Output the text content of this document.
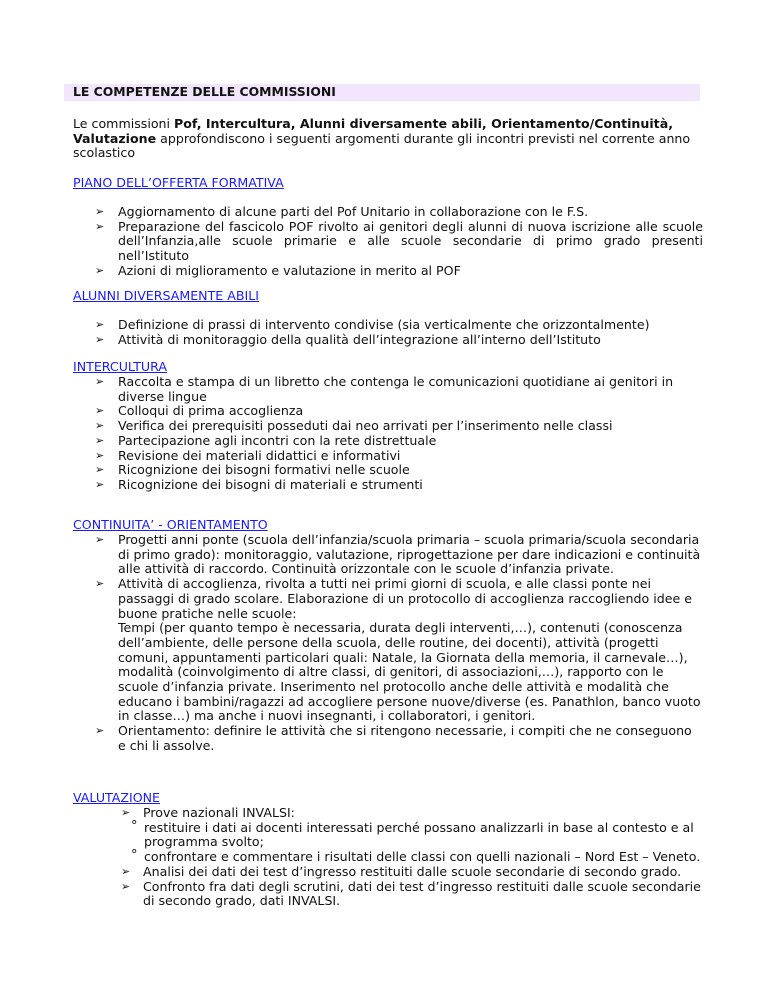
LE COMPETENZE DELLE COMMISSIONI
Le commissioni Pof, Intercultura, Alunni diversamente abili, Orientamento/Continuità, Valutazione approfondiscono i seguenti argomenti durante gli incontri previsti nel corrente anno scolastico
PIANO DELL’OFFERTA FORMATIVA
➢ Aggiornamento di alcune parti del Pof Unitario in collaborazione con le F.S.
➢ Preparazione del fascicolo POF rivolto ai genitori degli alunni di nuova iscrizione alle scuole dell’Infanzia,alle scuole primarie e alle scuole secondarie di primo grado presenti nell’Istituto
➢ Azioni di miglioramento e valutazione in merito al POF
ALUNNI DIVERSAMENTE ABILI
➢ Definizione di prassi di intervento condivise (sia verticalmente che orizzontalmente)
➢ Attività di monitoraggio della qualità dell’integrazione all’interno dell’Istituto
INTERCULTURA
➢ Raccolta e stampa di un libretto che contenga le comunicazioni quotidiane ai genitori in diverse lingue
➢ Colloqui di prima accoglienza
➢ Verifica dei prerequisiti posseduti dai neo arrivati per l’inserimento nelle classi
➢ Partecipazione agli incontri con la rete distrettuale
➢ Revisione dei materiali didattici e informativi
➢ Ricognizione dei bisogni formativi nelle scuole
➢ Ricognizione dei bisogni di materiali e strumenti
CONTINUITA’ - ORIENTAMENTO
➢ Progetti anni ponte (scuola dell’infanzia/scuola primaria – scuola primaria/scuola secondaria di primo grado): monitoraggio, valutazione, riprogettazione per dare indicazioni e continuità alle attività di raccordo. Continuità orizzontale con le scuole d’infanzia private.
➢ Attività di accoglienza, rivolta a tutti nei primi giorni di scuola, e alle classi ponte nei passaggi di grado scolare. Elaborazione di un protocollo di accoglienza raccogliendo idee e buone pratiche nelle scuole:
Tempi (per quanto tempo è necessaria, durata degli interventi,…), contenuti (conoscenza dell’ambiente, delle persone della scuola, delle routine, dei docenti), attività (progetti comuni, appuntamenti particolari quali: Natale, la Giornata della memoria, il carnevale…), modalità (coinvolgimento di altre classi, di genitori, di associazioni,…), rapporto con le scuole d’infanzia private. Inserimento nel protocollo anche delle attività e modalità che educano i bambini/ragazzi ad accogliere persone nuove/diverse (es. Panathlon, banco vuoto in classe…) ma anche i nuovi insegnanti, i collaboratori, i genitori.
➢ Orientamento: definire le attività che si ritengono necessarie, i compiti che ne conseguono e chi li assolve.
VALUTAZIONE
➢ Prove nazionali INVALSI:
° restituire i dati ai docenti interessati perché possano analizzarli in base al contesto e al programma svolto;
° confrontare e commentare i risultati delle classi con quelli nazionali – Nord Est – Veneto.
➢ Analisi dei dati dei test d’ingresso restituiti dalle scuole secondarie di secondo grado.
➢ Confronto fra dati degli scrutini, dati dei test d’ingresso restituiti dalle scuole secondarie di secondo grado, dati INVALSI.
